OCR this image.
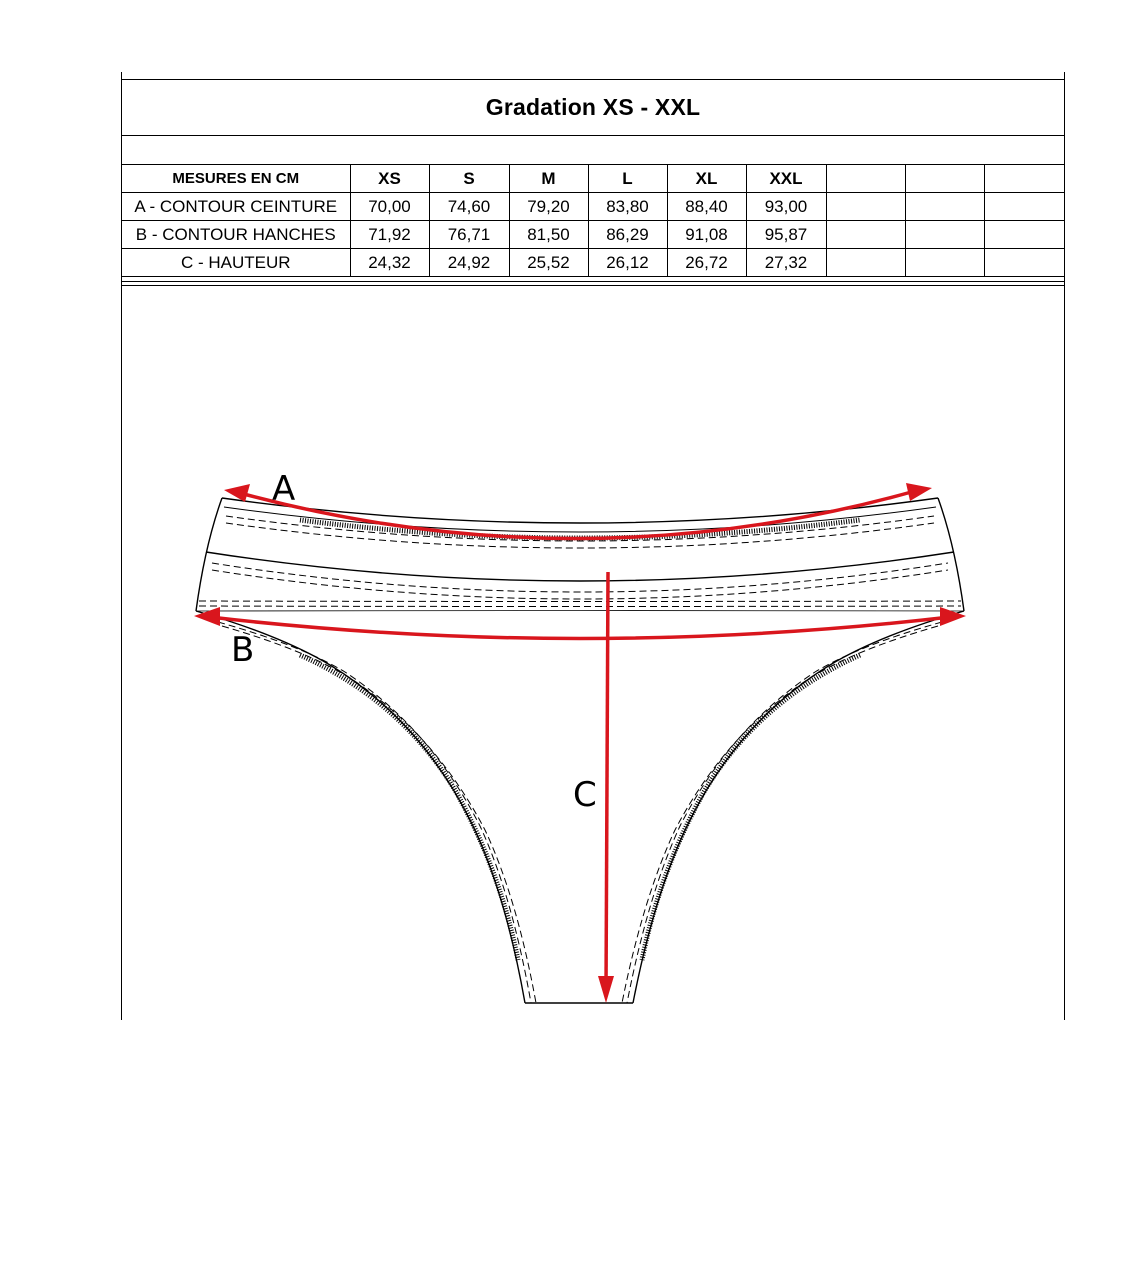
Gradation XS - XXL
MESURES EN CM	XS	S	M	L	XL	XXL			
A - CONTOUR CEINTURE	70,00	74,60	79,20	83,80	88,40	93,00			
B - CONTOUR HANCHES	71,92	76,71	81,50	86,29	91,08	95,87			
C - HAUTEUR	24,32	24,92	25,52	26,12	26,72	27,32			
A
B
C
